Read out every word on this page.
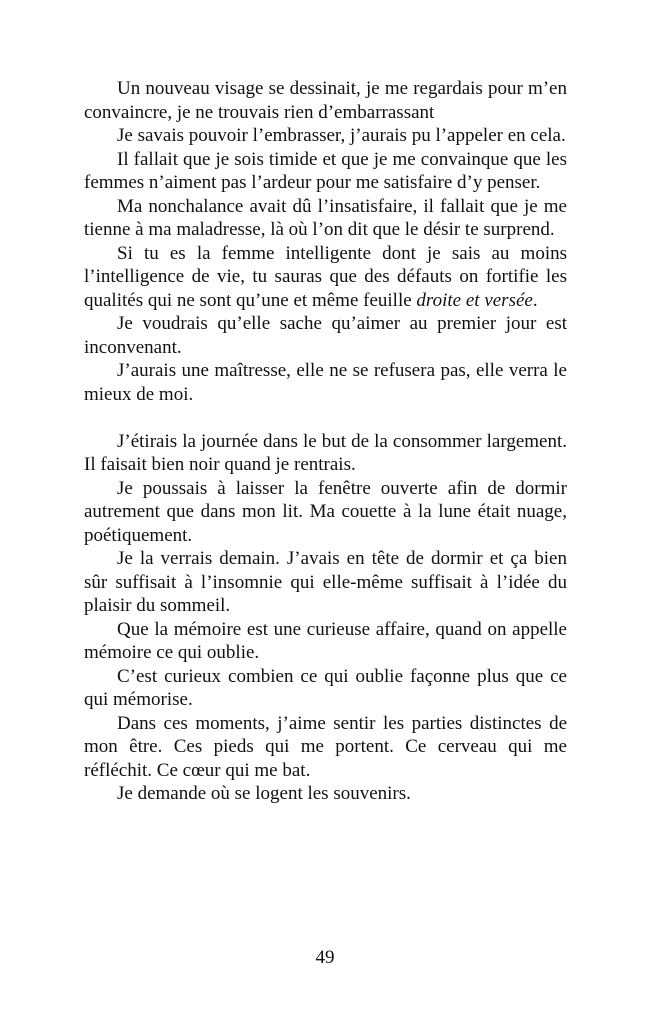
Un nouveau visage se dessinait, je me regardais pour m’en convaincre, je ne trouvais rien d’embarrassant

Je savais pouvoir l’embrasser, j’aurais pu l’appeler en cela.

Il fallait que je sois timide et que je me convainque que les femmes n’aiment pas l’ardeur pour me satisfaire d’y penser.

Ma nonchalance avait dû l’insatisfaire, il fallait que je me tienne à ma maladresse, là où l’on dit que le désir te surprend.

Si tu es la femme intelligente dont je sais au moins l’intelligence de vie, tu sauras que des défauts on fortifie les qualités qui ne sont qu’une et même feuille droite et versée.

Je voudrais qu’elle sache qu’aimer au premier jour est inconvenant.

J’aurais une maîtresse, elle ne se refusera pas, elle verra le mieux de moi.

J’étirais la journée dans le but de la consommer largement. Il faisait bien noir quand je rentrais.

Je poussais à laisser la fenêtre ouverte afin de dormir autrement que dans mon lit. Ma couette à la lune était nuage, poétiquement.

Je la verrais demain. J’avais en tête de dormir et ça bien sûr suffisait à l’insomnie qui elle-même suffisait à l’idée du plaisir du sommeil.

Que la mémoire est une curieuse affaire, quand on appelle mémoire ce qui oublie.

C’est curieux combien ce qui oublie façonne plus que ce qui mémorise.

Dans ces moments, j’aime sentir les parties distinctes de mon être. Ces pieds qui me portent. Ce cerveau qui me réfléchit. Ce cœur qui me bat.

Je demande où se logent les souvenirs.

49
